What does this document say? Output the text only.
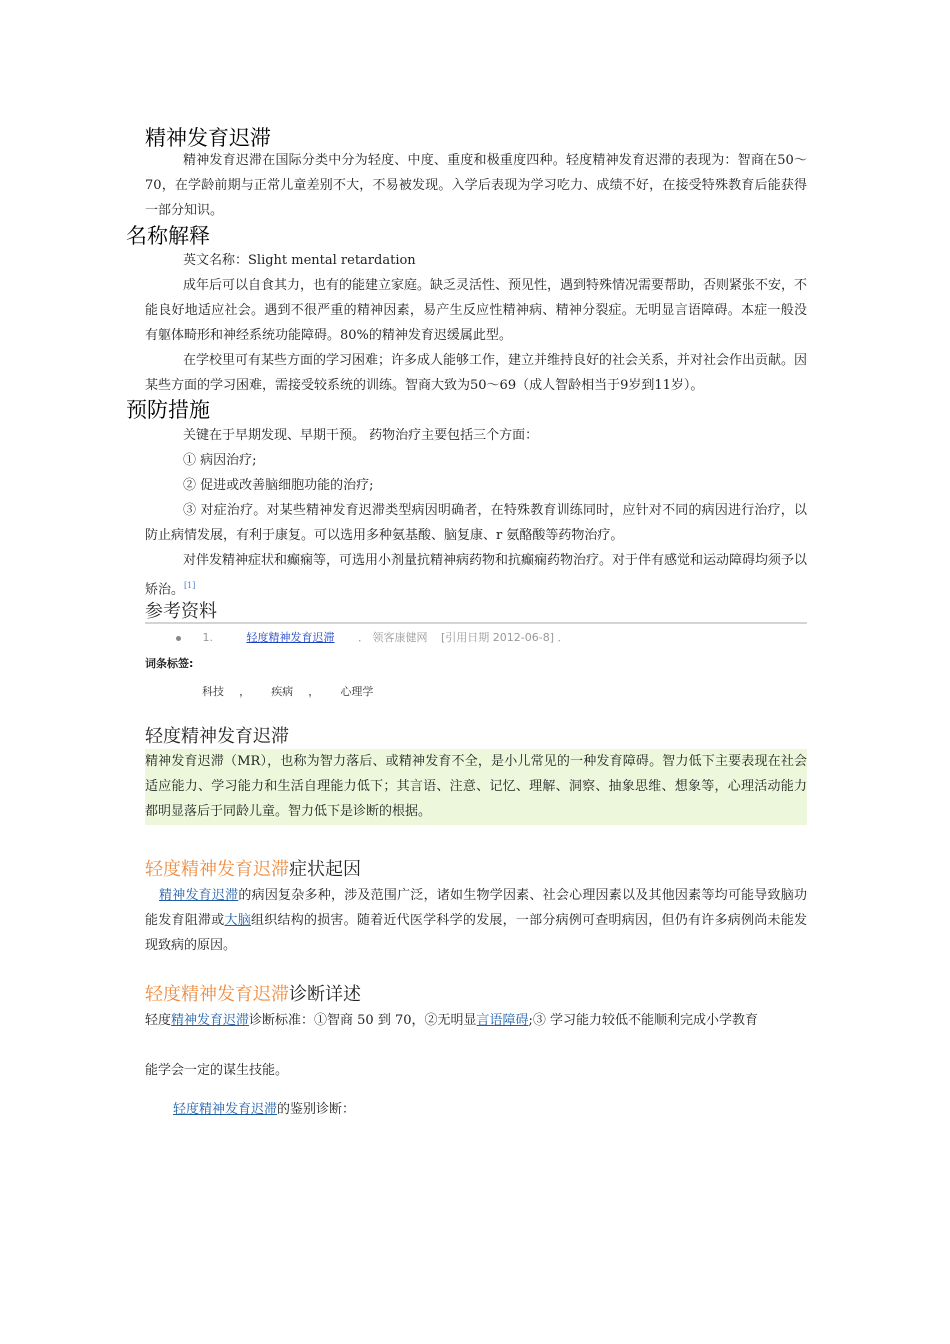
精神发育迟滞

精神发育迟滞在国际分类中分为轻度、中度、重度和极重度四种。轻度精神发育迟滞的表现为：智商在50～70，在学龄前期与正常儿童差别不大，不易被发现。入学后表现为学习吃力、成绩不好，在接受特殊教育后能获得一部分知识。

名称解释

英文名称：Slight mental retardation

成年后可以自食其力，也有的能建立家庭。缺乏灵活性、预见性，遇到特殊情况需要帮助，否则紧张不安，不能良好地适应社会。遇到不很严重的精神因素，易产生反应性精神病、精神分裂症。无明显言语障碍。本症一般没有躯体畸形和神经系统功能障碍。80%的精神发育迟缓属此型。

在学校里可有某些方面的学习困难；许多成人能够工作，建立并维持良好的社会关系，并对社会作出贡献。因某些方面的学习困难，需接受较系统的训练。智商大致为50～69（成人智龄相当于9岁到11岁）。

预防措施

关键在于早期发现、早期干预。 药物治疗主要包括三个方面：

① 病因治疗;

② 促进或改善脑细胞功能的治疗;

③ 对症治疗。对某些精神发育迟滞类型病因明确者，在特殊教育训练同时，应针对不同的病因进行治疗，以防止病情发展，有利于康复。可以选用多种氨基酸、脑复康、r 氨酪酸等药物治疗。

对伴发精神症状和癫痫等，可选用小剂量抗精神病药物和抗癫痫药物治疗。对于伴有感觉和运动障碍均须予以矫治。[1]

参考资料
1.	轻度精神发育迟滞 ． 领客康健网 [引用日期 2012-06-8] ．
词条标签:
科技 ， 疾病 ， 心理学
轻度精神发育迟滞

精神发育迟滞（MR），也称为智力落后、或精神发育不全，是小儿常见的一种发育障碍。智力低下主要表现在社会适应能力、学习能力和生活自理能力低下；其言语、注意、记忆、理解、洞察、抽象思维、想象等，心理活动能力都明显落后于同龄儿童。智力低下是诊断的根据。

轻度精神发育迟滞症状起因

精神发育迟滞的病因复杂多种，涉及范围广泛，诸如生物学因素、社会心理因素以及其他因素等均可能导致脑功能发育阻滞或大脑组织结构的损害。随着近代医学科学的发展，一部分病例可查明病因，但仍有许多病例尚未能发现致病的原因。

轻度精神发育迟滞诊断详述

轻度精神发育迟滞诊断标准：①智商 50 到 70，②无明显言语障碍;③ 学习能力较低不能顺利完成小学教育

能学会一定的谋生技能。

轻度精神发育迟滞的鉴别诊断：
